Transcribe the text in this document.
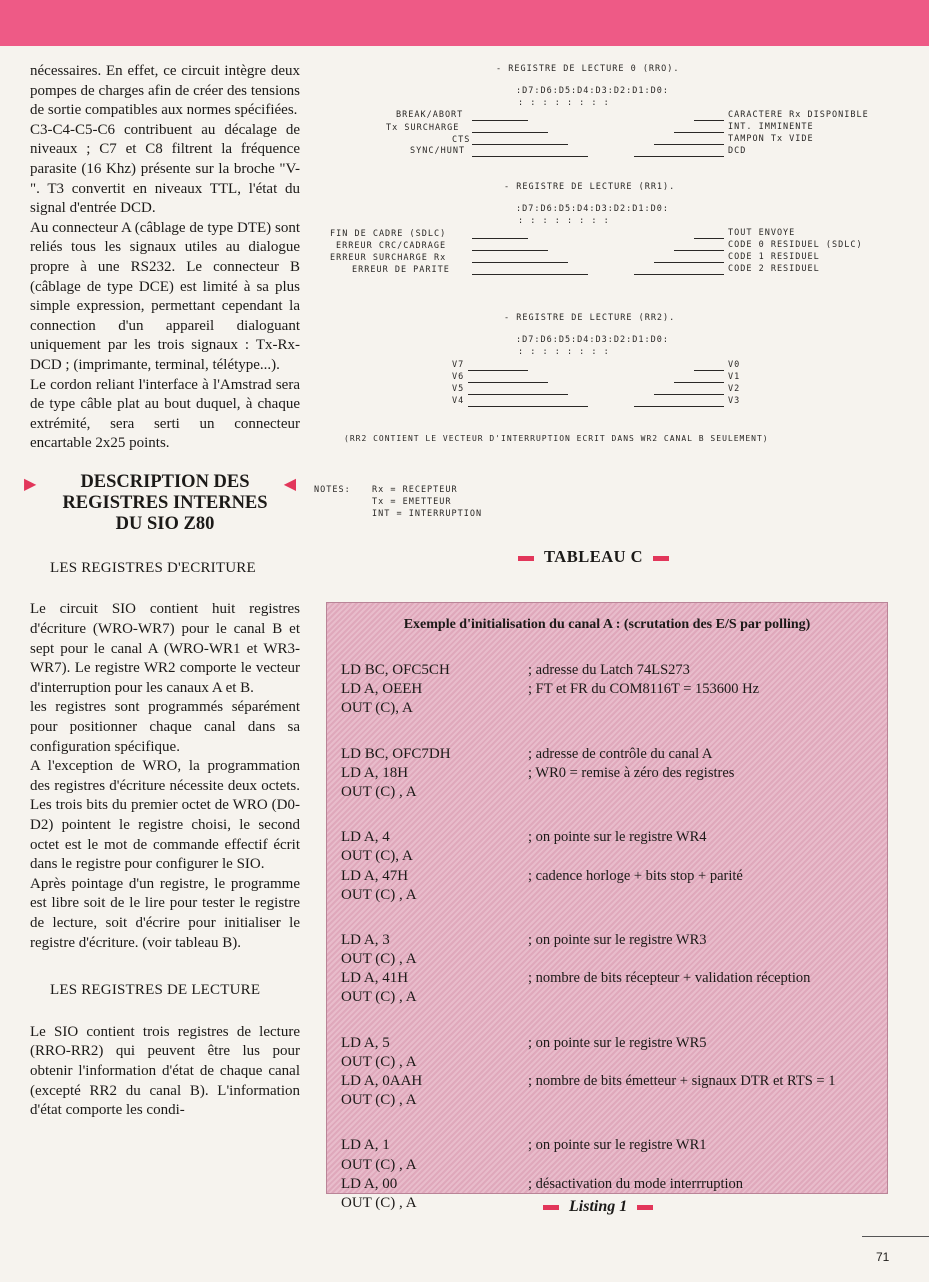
nécessaires. En effet, ce circuit intègre deux pompes de charges afin de créer des tensions de sortie compatibles aux normes spécifiées.

C3-C4-C5-C6 contribuent au décalage de niveaux ; C7 et C8 filtrent la fréquence parasite (16 Khz) présente sur la broche "V-". T3 convertit en niveaux TTL, l'état du signal d'entrée DCD.

Au connecteur A (câblage de type DTE) sont reliés tous les signaux utiles au dialogue propre à une RS232. Le connecteur B (câblage de type DCE) est limité à sa plus simple expression, permettant cependant la connection d'un appareil dialoguant uniquement par les trois signaux : Tx-Rx-DCD ; (imprimante, terminal, télétype...).

Le cordon reliant l'interface à l'Amstrad sera de type câble plat au bout duquel, à chaque extrémité, sera serti un connecteur encartable 2x25 points.

▶	DESCRIPTION DES
REGISTRES INTERNES
DU SIO Z80
◀
LES REGISTRES D'ECRITURE

Le circuit SIO contient huit registres d'écriture (WRO-WR7) pour le canal B et sept pour le canal A (WRO-WR1 et WR3-WR7). Le registre WR2 comporte le vecteur d'interruption pour les canaux A et B.

les registres sont programmés séparément pour positionner chaque canal dans sa configuration spécifique.

A l'exception de WRO, la programmation des registres d'écriture nécessite deux octets. Les trois bits du premier octet de WRO (D0-D2) pointent le registre choisi, le second octet est le mot de commande effectif écrit dans le registre pour configurer le SIO.

Après pointage d'un registre, le programme est libre soit de le lire pour tester le registre de lecture, soit d'écrire pour initialiser le registre d'écriture. (voir tableau B).

LES REGISTRES DE LECTURE

Le SIO contient trois registres de lecture (RRO-RR2) qui peuvent être lus pour obtenir l'information d'état de chaque canal (excepté RR2 du canal B). L'information d'état comporte les condi-

- REGISTRE DE LECTURE 0 (RRO).
:D7:D6:D5:D4:D3:D2:D1:D0:
: : : : : : : :
BREAK/ABORT
Tx SURCHARGE
CTS
SYNC/HUNT
CARACTERE Rx DISPONIBLE
INT. IMMINENTE
TAMPON Tx VIDE
DCD
- REGISTRE DE LECTURE (RR1).
:D7:D6:D5:D4:D3:D2:D1:D0:
: : : : : : : :
FIN DE CADRE (SDLC)
ERREUR CRC/CADRAGE
ERREUR SURCHARGE Rx
ERREUR DE PARITE
TOUT ENVOYE
CODE 0 RESIDUEL (SDLC)
CODE 1 RESIDUEL
CODE 2 RESIDUEL
- REGISTRE DE LECTURE (RR2).
:D7:D6:D5:D4:D3:D2:D1:D0:
: : : : : : : :
V7
V6
V5
V4
V0
V1
V2
V3
(RR2 CONTIENT LE VECTEUR D'INTERRUPTION ECRIT DANS WR2 CANAL B SEULEMENT)
NOTES:	Rx = RECEPTEUR
Tx = EMETTEUR
INT = INTERRUPTION
TABLEAU C
Exemple d'initialisation du canal A : (scrutation des E/S par polling)
LD BC, OFC5CH
LD A, OEEH
OUT (C), A
LD BC, OFC7DH
LD A, 18H
OUT (C) , A
LD A, 4
OUT (C), A
LD A, 47H
OUT (C) , A
LD A, 3
OUT (C) , A
LD A, 41H
OUT (C) , A
LD A, 5
OUT (C) , A
LD A, 0AAH
OUT (C) , A
LD A, 1
OUT (C) , A
LD A, 00
OUT (C) , A
; adresse du Latch 74LS273
; FT et FR du COM8116T = 153600 Hz
; adresse de contrôle du canal A
; WR0 = remise à zéro des registres
; on pointe sur le registre WR4
; cadence horloge + bits stop + parité
; on pointe sur le registre WR3
; nombre de bits récepteur + validation réception
; on pointe sur le registre WR5
; nombre de bits émetteur + signaux DTR et RTS = 1
; on pointe sur le registre WR1
; désactivation du mode interrruption
Listing 1
71
